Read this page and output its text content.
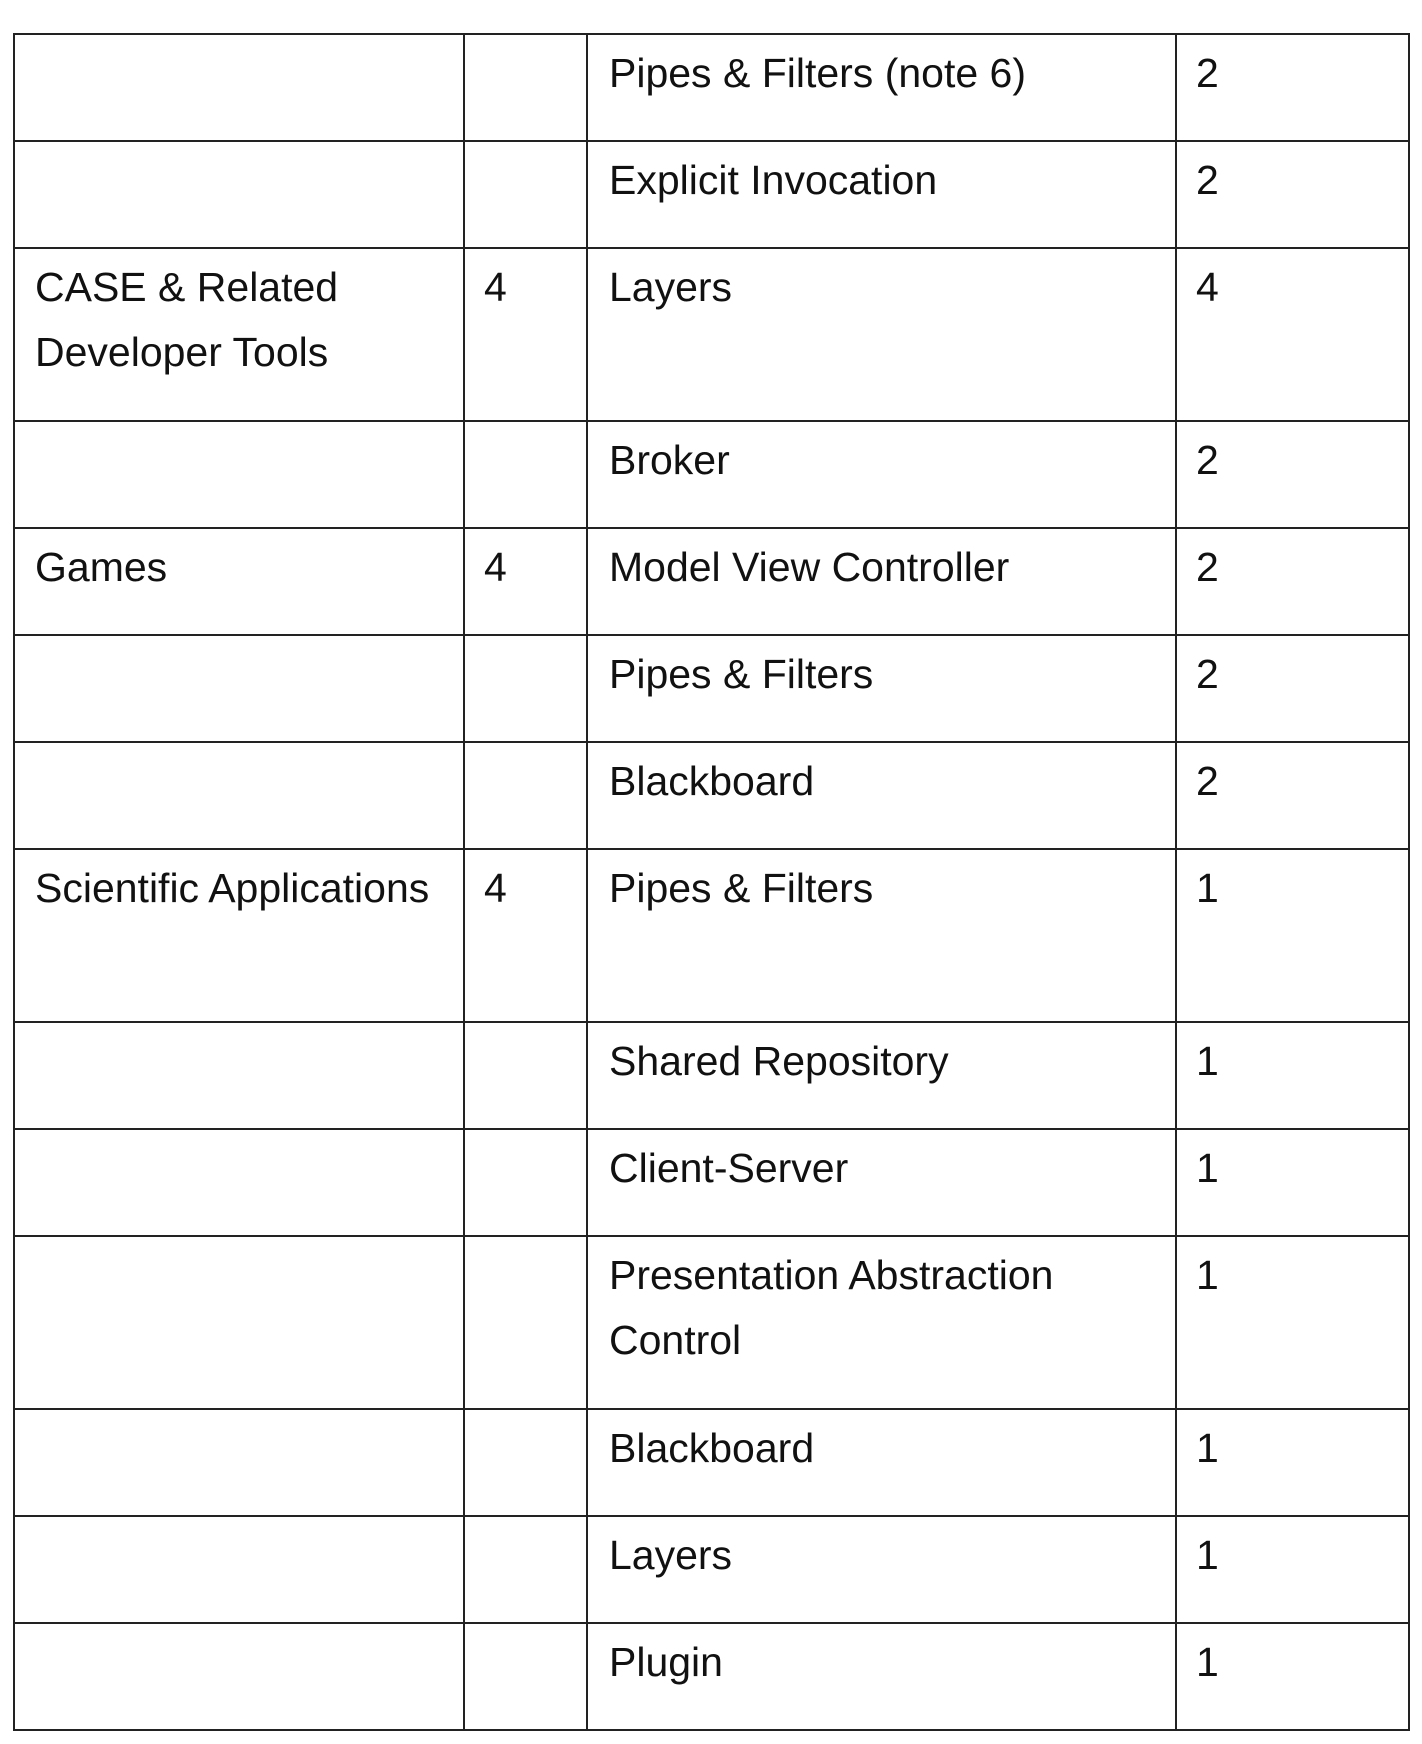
		Pipes & Filters (note 6)	2
		Explicit Invocation	2
CASE & Related Developer Tools	4	Layers	4
		Broker	2
Games	4	Model View Controller	2
		Pipes & Filters	2
		Blackboard	2
Scientific Applications	4	Pipes & Filters	1
		Shared Repository	1
		Client-Server	1
		Presentation Abstraction Control	1
		Blackboard	1
		Layers	1
		Plugin	1
